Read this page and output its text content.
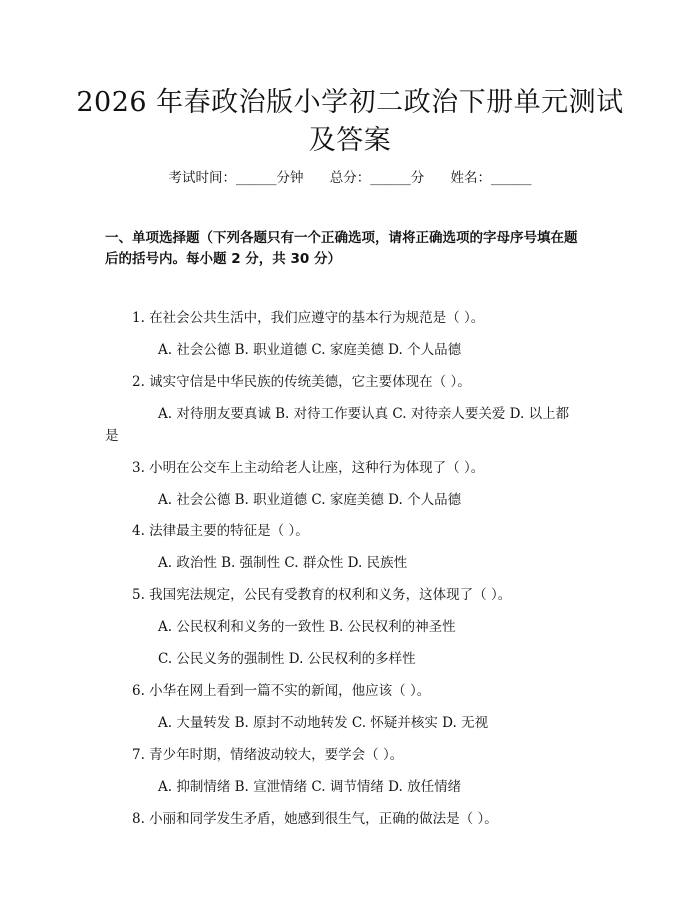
2026 年春政治版小学初二政治下册单元测试
及答案
考试时间：______分钟 总分：______分 姓名：______
一、单项选择题（下列各题只有一个正确选项，请将正确选项的字母序号填在题
后的括号内。每小题 2 分，共 30 分）
1. 在社会公共生活中，我们应遵守的基本行为规范是（ ）。
A. 社会公德 B. 职业道德 C. 家庭美德 D. 个人品德
2. 诚实守信是中华民族的传统美德，它主要体现在（ ）。
A. 对待朋友要真诚 B. 对待工作要认真 C. 对待亲人要关爱 D. 以上都
是
3. 小明在公交车上主动给老人让座，这种行为体现了（ ）。
A. 社会公德 B. 职业道德 C. 家庭美德 D. 个人品德
4. 法律最主要的特征是（ ）。
A. 政治性 B. 强制性 C. 群众性 D. 民族性
5. 我国宪法规定，公民有受教育的权利和义务，这体现了（ ）。
A. 公民权利和义务的一致性 B. 公民权利的神圣性
C. 公民义务的强制性 D. 公民权利的多样性
6. 小华在网上看到一篇不实的新闻，他应该（ ）。
A. 大量转发 B. 原封不动地转发 C. 怀疑并核实 D. 无视
7. 青少年时期，情绪波动较大，要学会（ ）。
A. 抑制情绪 B. 宣泄情绪 C. 调节情绪 D. 放任情绪
8. 小丽和同学发生矛盾，她感到很生气，正确的做法是（ ）。
